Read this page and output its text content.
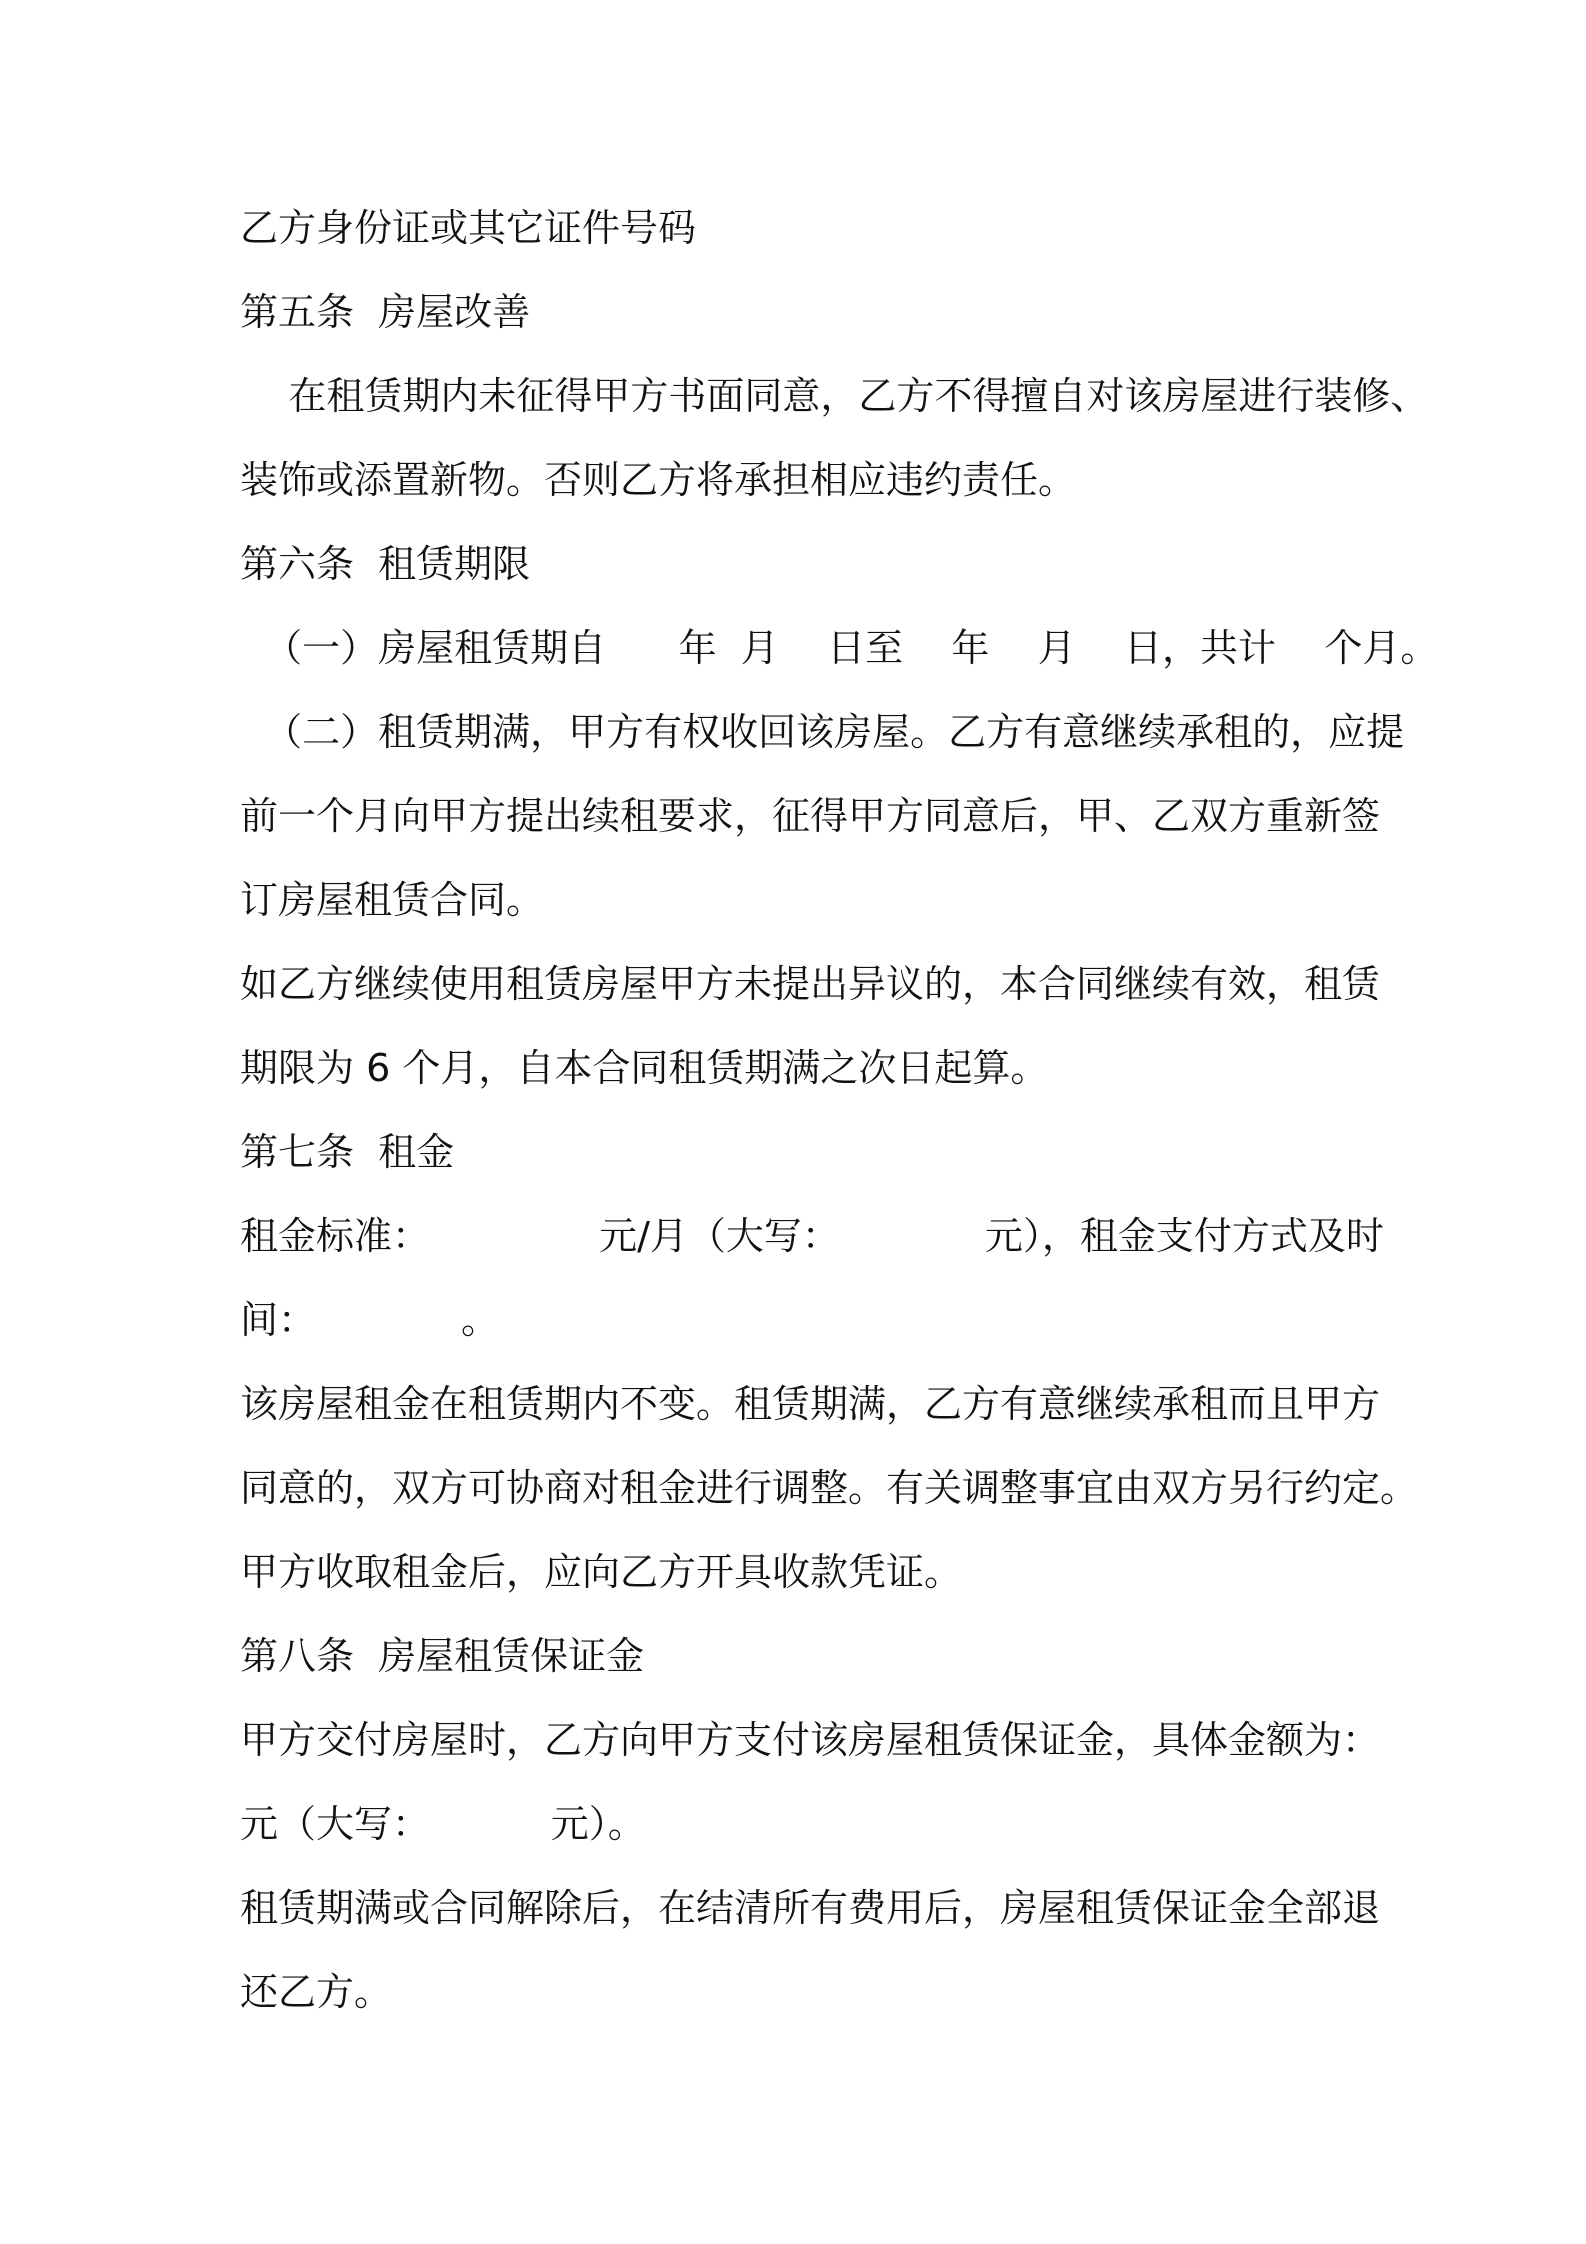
乙方身份证或其它证件号码
第五条  房屋改善
在租赁期内未征得甲方书面同意，乙方不得擅自对该房屋进行装修、
装饰或添置新物。否则乙方将承担相应违约责任。
第六条  租赁期限
（一）房屋租赁期自      年  月    日至    年    月    日，共计    个月。
（二）租赁期满，甲方有权收回该房屋。乙方有意继续承租的，应提
前一个月向甲方提出续租要求，征得甲方同意后，甲、乙双方重新签
订房屋租赁合同。
如乙方继续使用租赁房屋甲方未提出异议的，本合同继续有效，租赁
期限为 6 个月，自本合同租赁期满之次日起算。
第七条  租金
租金标准：              元/月（大写：            元），租金支付方式及时
间：            。
该房屋租金在租赁期内不变。租赁期满，乙方有意继续承租而且甲方
同意的，双方可协商对租金进行调整。有关调整事宜由双方另行约定。
甲方收取租金后，应向乙方开具收款凭证。
第八条  房屋租赁保证金
甲方交付房屋时，乙方向甲方支付该房屋租赁保证金，具体金额为：
元（大写：          元）。
租赁期满或合同解除后，在结清所有费用后，房屋租赁保证金全部退
还乙方。
